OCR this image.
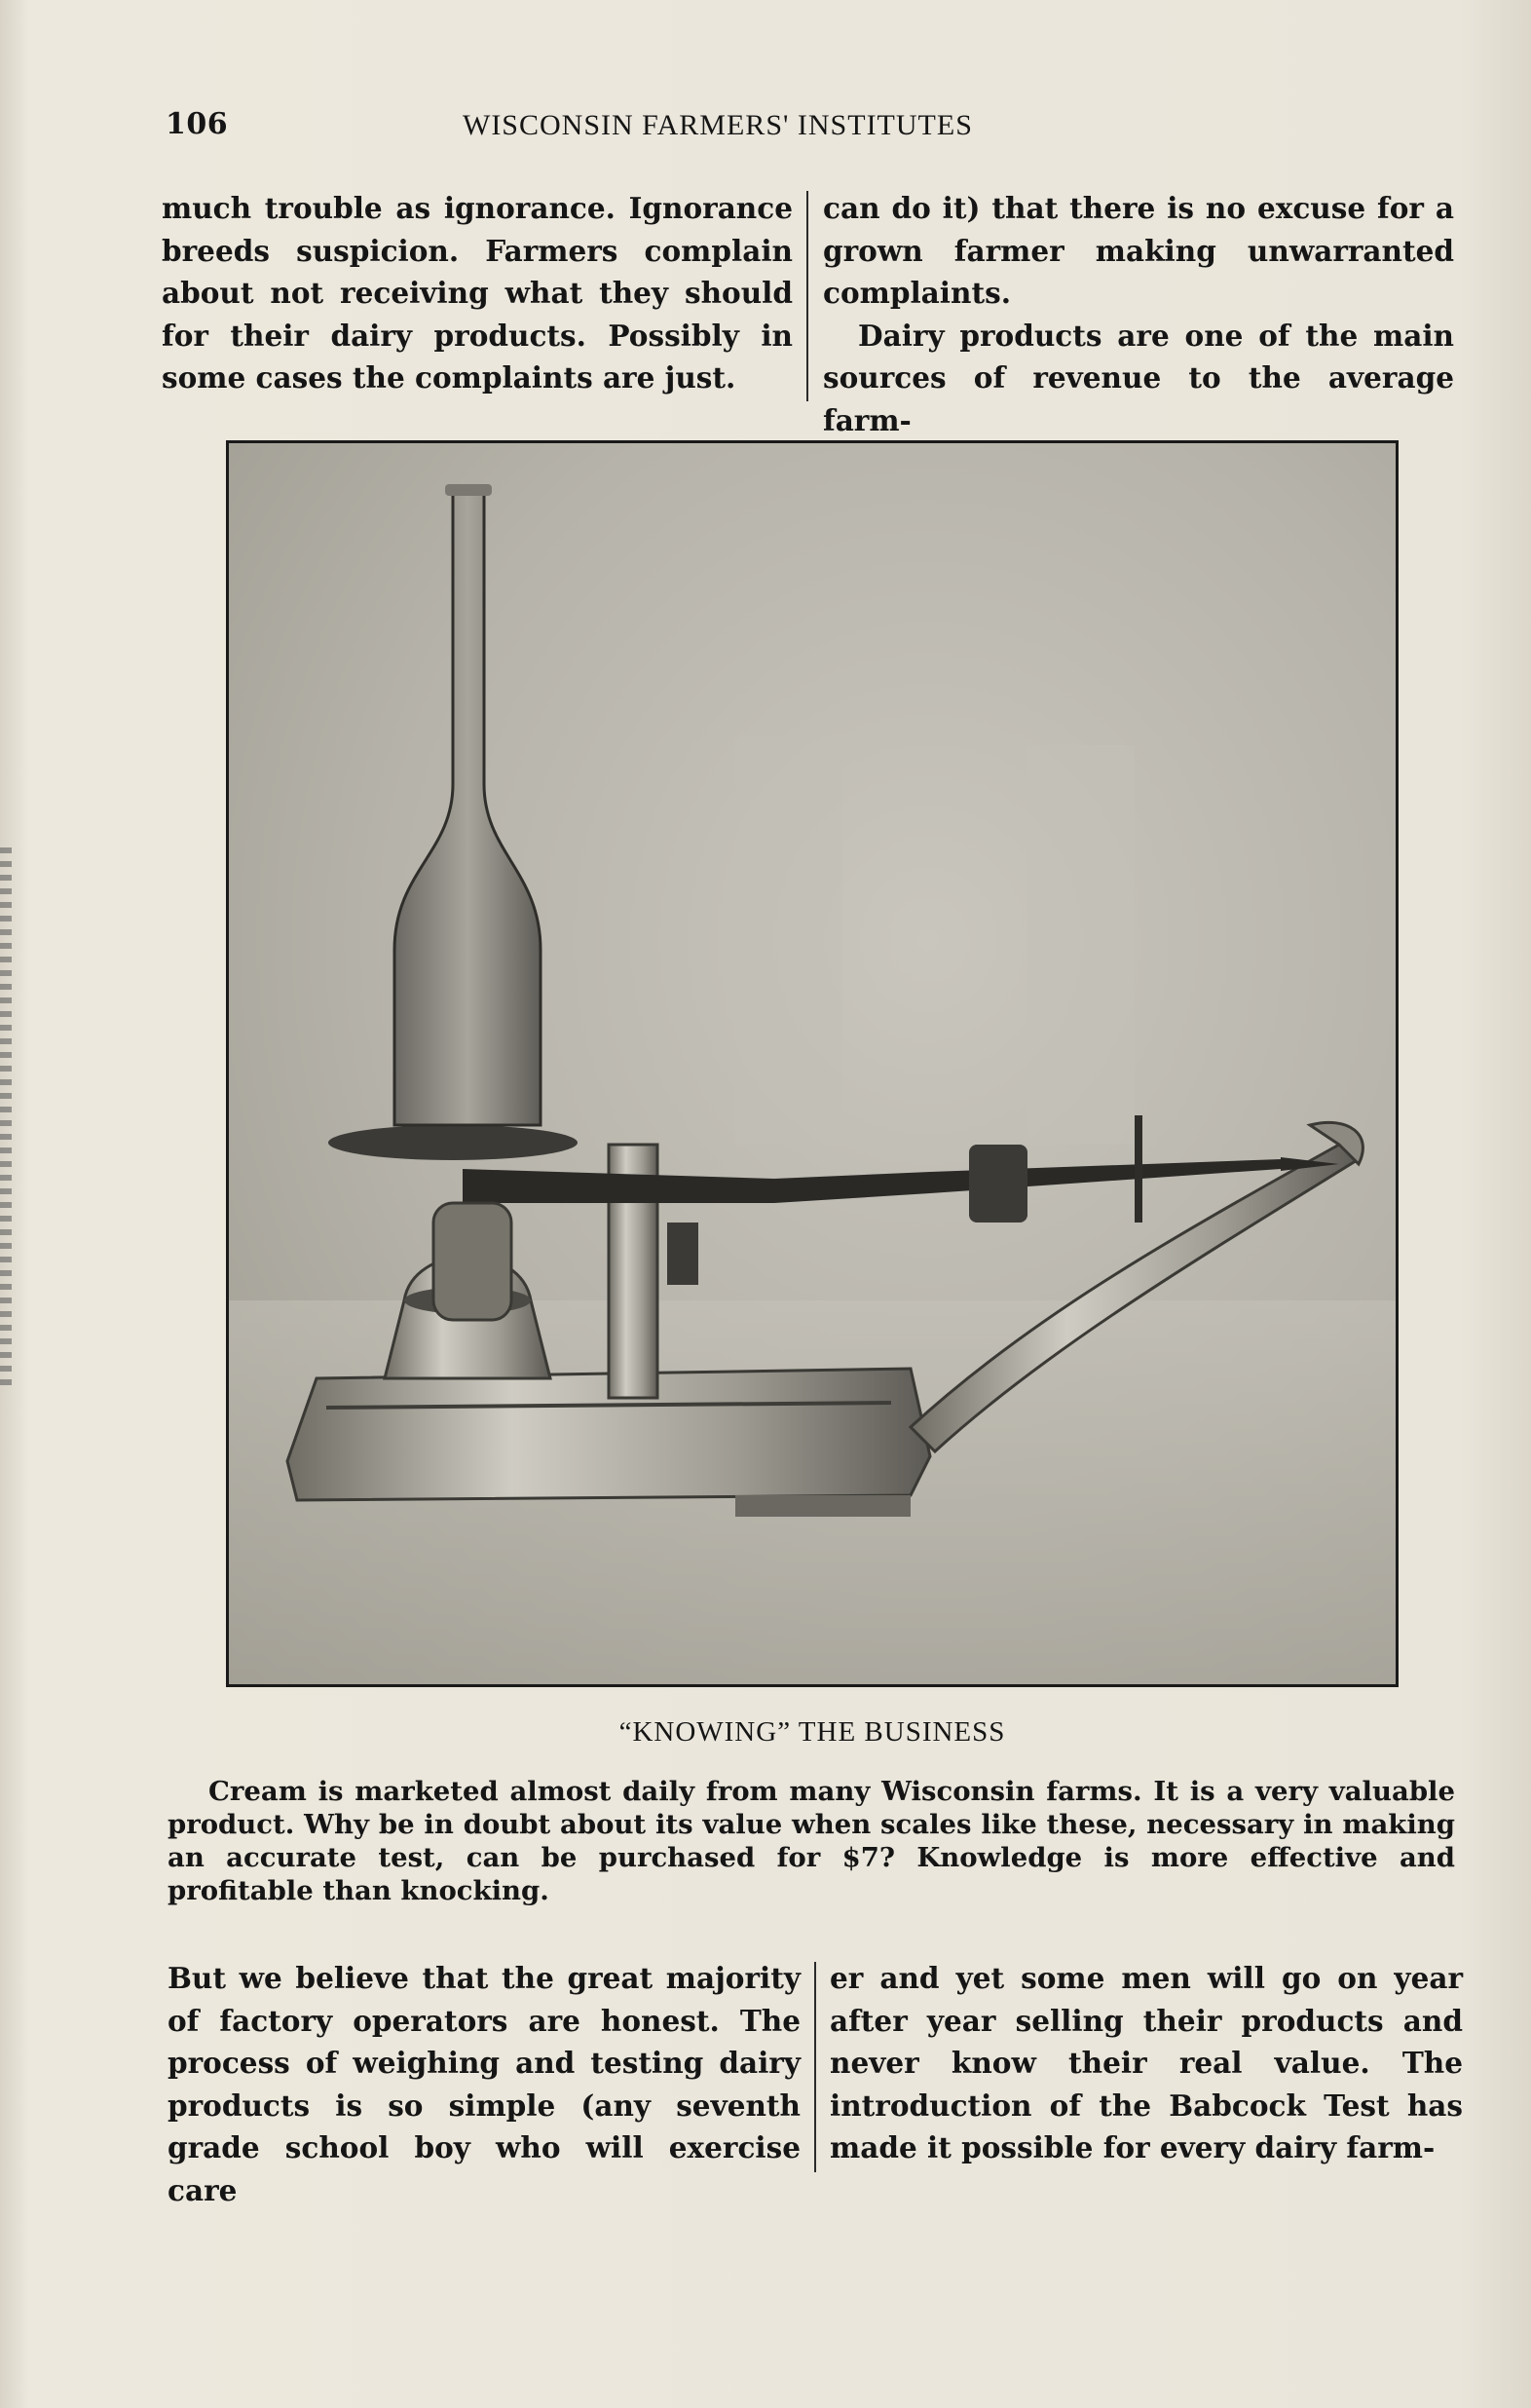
106	WISCONSIN FARMERS' INSTITUTES

much trouble as ignorance. Ignorance breeds suspicion. Farmers complain about not receiving what they should for their dairy products. Possibly in some cases the complaints are just.

can do it) that there is no excuse for a grown farmer making unwarranted complaints.

Dairy products are one of the main sources of revenue to the average farm-

“KNOWING” THE BUSINESS
Cream is marketed almost daily from many Wisconsin farms. It is a very valuable product. Why be in doubt about its value when scales like these, necessary in making an accurate test, can be purchased for $7? Knowledge is more effective and profitable than knocking.

But we believe that the great majority of factory operators are honest. The process of weighing and testing dairy products is so simple (any seventh grade school boy who will exercise care

er and yet some men will go on year after year selling their products and never know their real value. The introduction of the Babcock Test has made it possible for every dairy farm-
